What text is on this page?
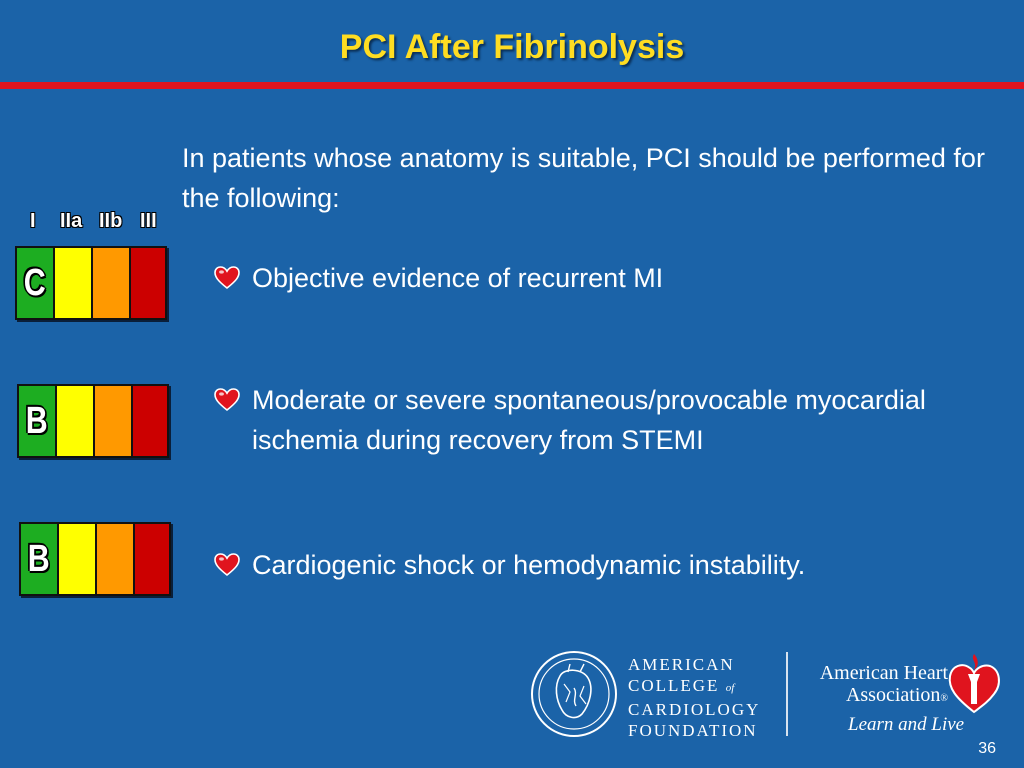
PCI After Fibrinolysis
In patients whose anatomy is suitable, PCI should be performed for the following:
I IIa IIb III
C
B
B
Objective evidence of recurrent MI
Moderate or severe spontaneous/provocable myocardial ischemia during recovery from STEMI
Cardiogenic shock or hemodynamic instability.
AMERICAN
COLLEGE of
CARDIOLOGY
FOUNDATION
American Heart
Association®
Learn and Live
36
